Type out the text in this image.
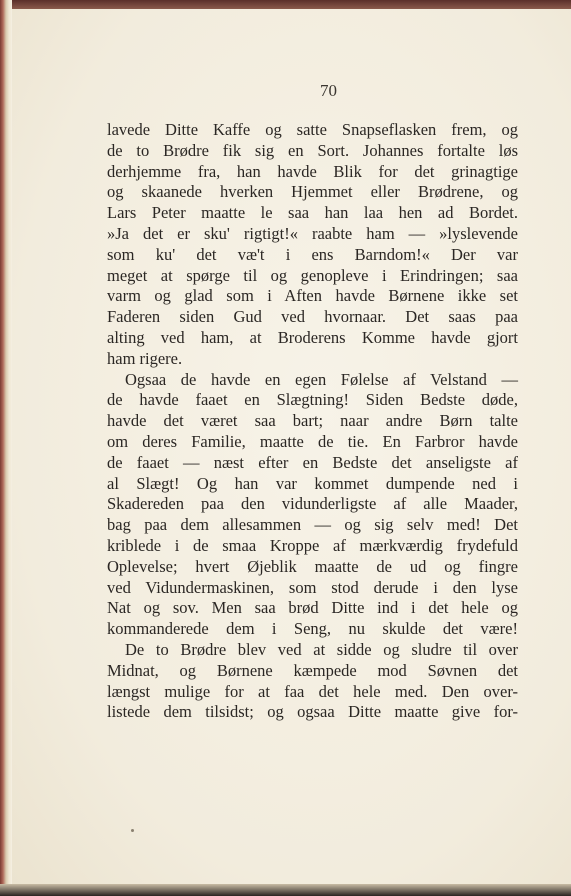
70
lavede Ditte Kaffe og satte Snapseflasken frem, og
de to Brødre fik sig en Sort. Johannes fortalte løs
derhjemme fra, han havde Blik for det grinagtige
og skaanede hverken Hjemmet eller Brødrene, og
Lars Peter maatte le saa han laa hen ad Bordet.
»Ja det er sku' rigtigt!« raabte ham — »lyslevende
som ku' det væ't i ens Barndom!« Der var
meget at spørge til og genopleve i Erindringen; saa
varm og glad som i Aften havde Børnene ikke set
Faderen siden Gud ved hvornaar. Det saas paa
alting ved ham, at Broderens Komme havde gjort
ham rigere.
Ogsaa de havde en egen Følelse af Velstand —
de havde faaet en Slægtning! Siden Bedste døde,
havde det været saa bart; naar andre Børn talte
om deres Familie, maatte de tie. En Farbror havde
de faaet — næst efter en Bedste det anseligste af
al Slægt! Og han var kommet dumpende ned i
Skadereden paa den vidunderligste af alle Maader,
bag paa dem allesammen — og sig selv med! Det
kriblede i de smaa Kroppe af mærkværdig frydefuld
Oplevelse; hvert Øjeblik maatte de ud og fingre
ved Vidundermaskinen, som stod derude i den lyse
Nat og sov. Men saa brød Ditte ind i det hele og
kommanderede dem i Seng, nu skulde det være!
De to Brødre blev ved at sidde og sludre til over
Midnat, og Børnene kæmpede mod Søvnen det
længst mulige for at faa det hele med. Den over-
listede dem tilsidst; og ogsaa Ditte maatte give for-
